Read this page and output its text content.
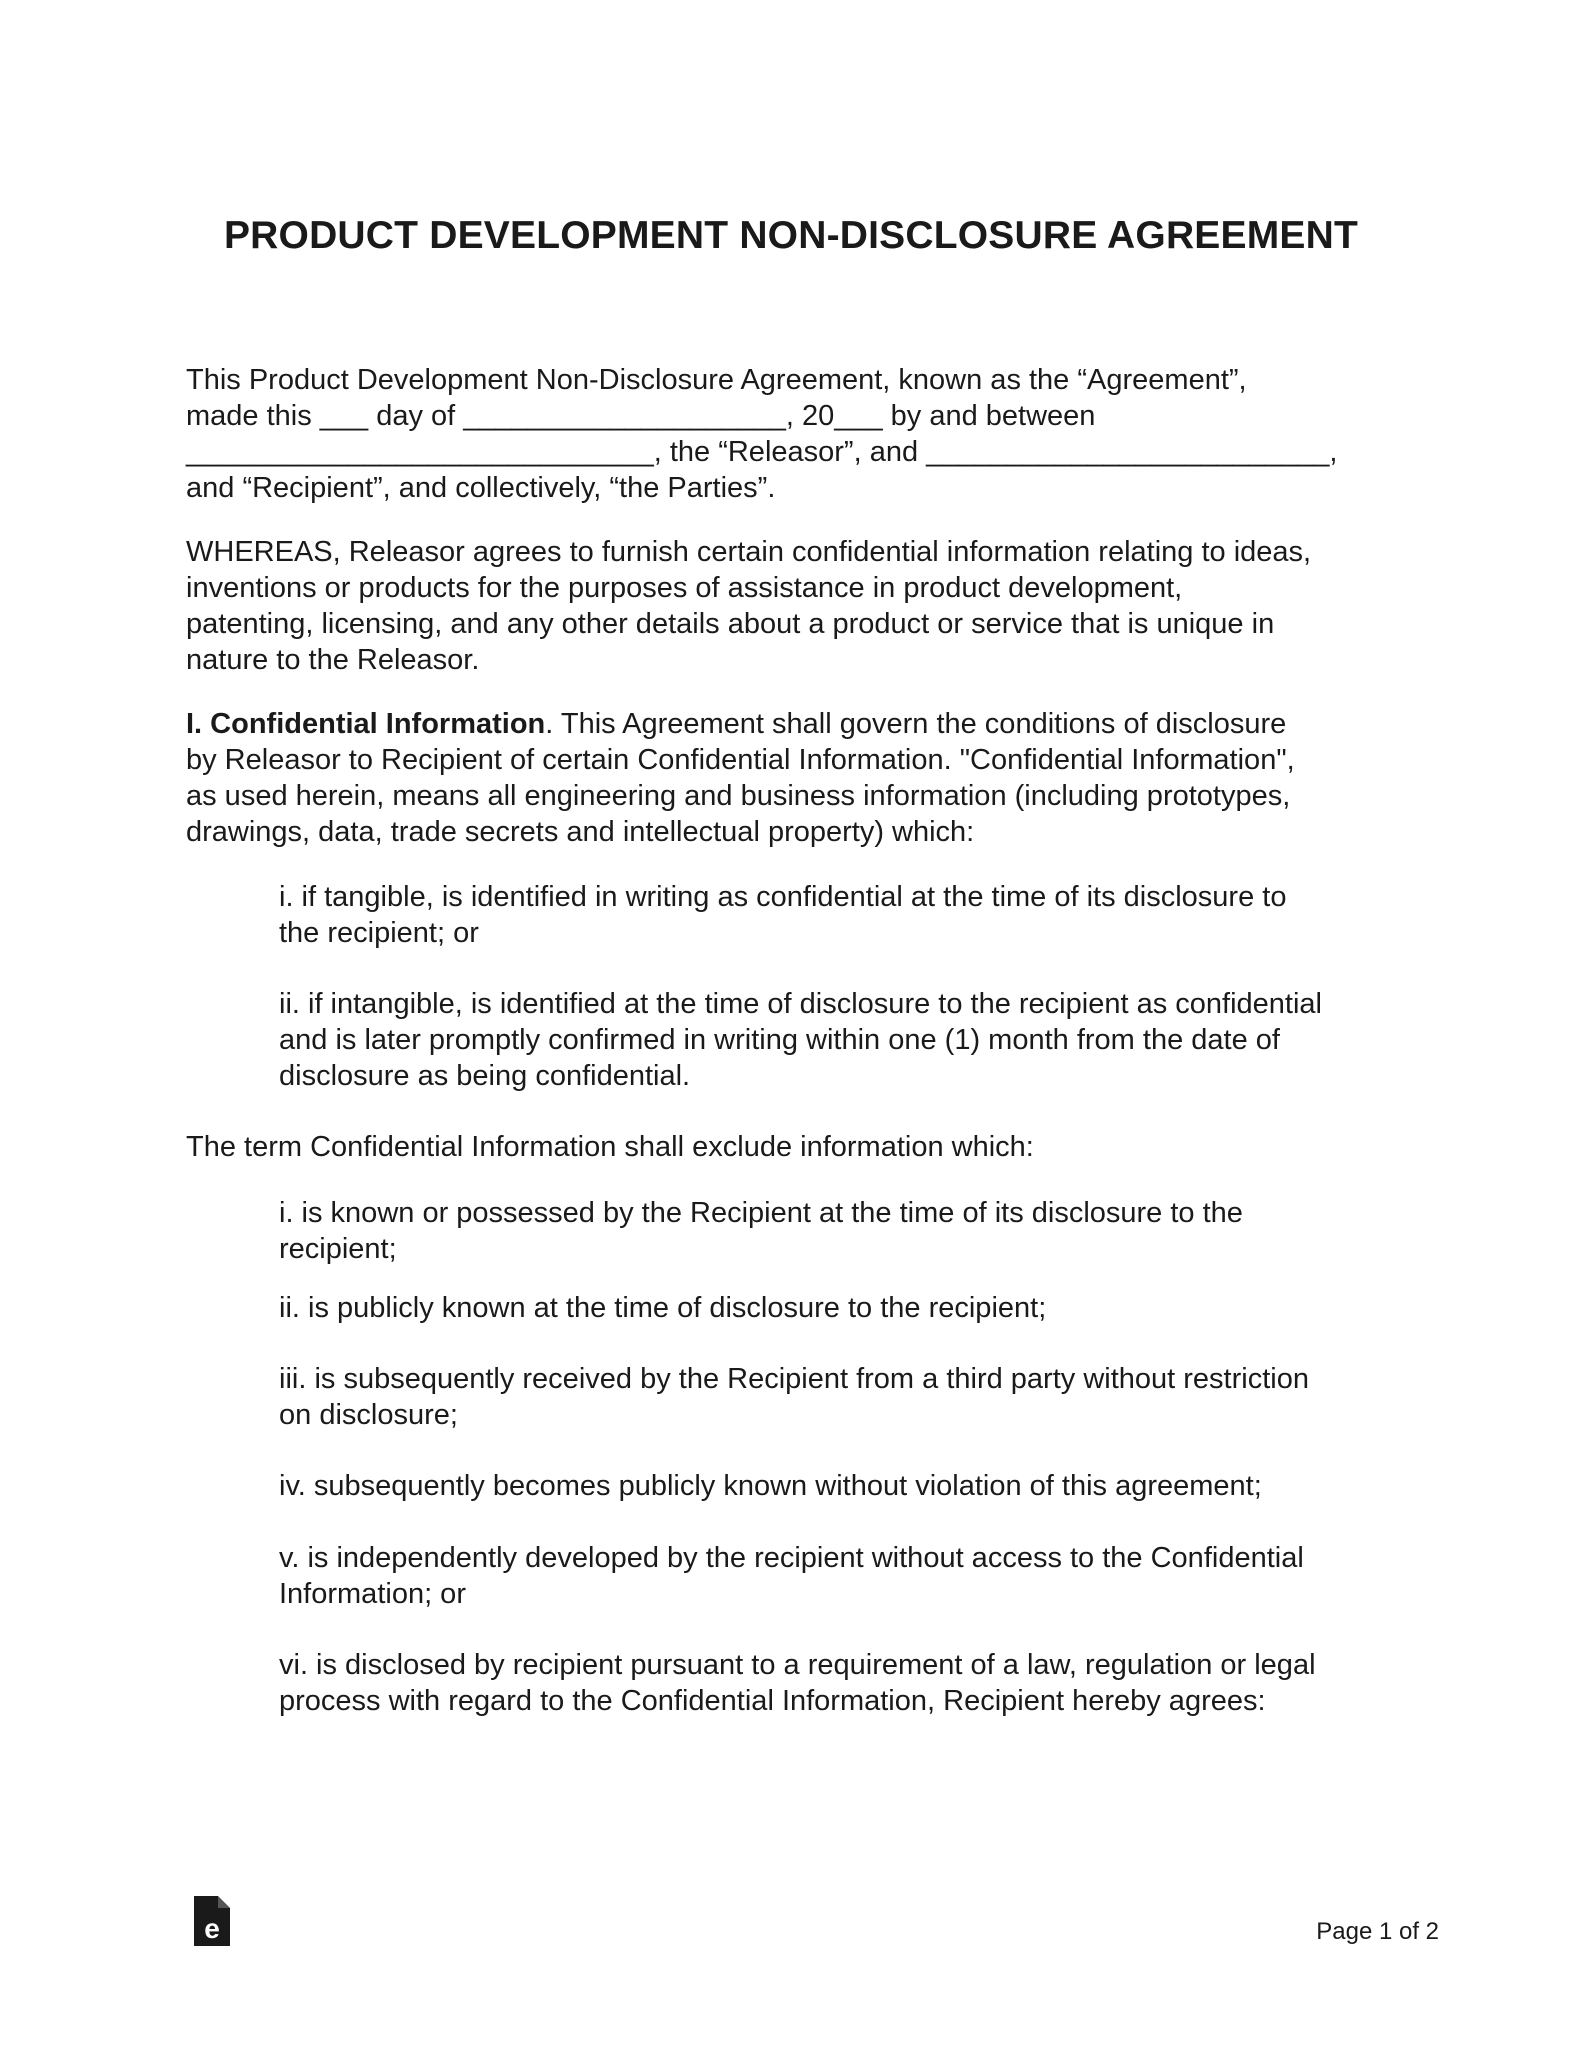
PRODUCT DEVELOPMENT NON-DISCLOSURE AGREEMENT
This Product Development Non-Disclosure Agreement, known as the “Agreement”,
made this ___ day of ____________________, 20___ by and between
_____________________________, the “Releasor”, and _________________________,
and “Recipient”, and collectively, “the Parties”.
WHEREAS, Releasor agrees to furnish certain confidential information relating to ideas,
inventions or products for the purposes of assistance in product development,
patenting, licensing, and any other details about a product or service that is unique in
nature to the Releasor.
I. Confidential Information. This Agreement shall govern the conditions of disclosure
by Releasor to Recipient of certain Confidential Information. "Confidential Information",
as used herein, means all engineering and business information (including prototypes,
drawings, data, trade secrets and intellectual property) which:
i. if tangible, is identified in writing as confidential at the time of its disclosure to
the recipient; or
ii. if intangible, is identified at the time of disclosure to the recipient as confidential
and is later promptly confirmed in writing within one (1) month from the date of
disclosure as being confidential.
The term Confidential Information shall exclude information which:
i. is known or possessed by the Recipient at the time of its disclosure to the
recipient;
ii. is publicly known at the time of disclosure to the recipient;
iii. is subsequently received by the Recipient from a third party without restriction
on disclosure;
iv. subsequently becomes publicly known without violation of this agreement;
v. is independently developed by the recipient without access to the Confidential
Information; or
vi. is disclosed by recipient pursuant to a requirement of a law, regulation or legal
process with regard to the Confidential Information, Recipient hereby agrees:
e	Page 1 of 2
